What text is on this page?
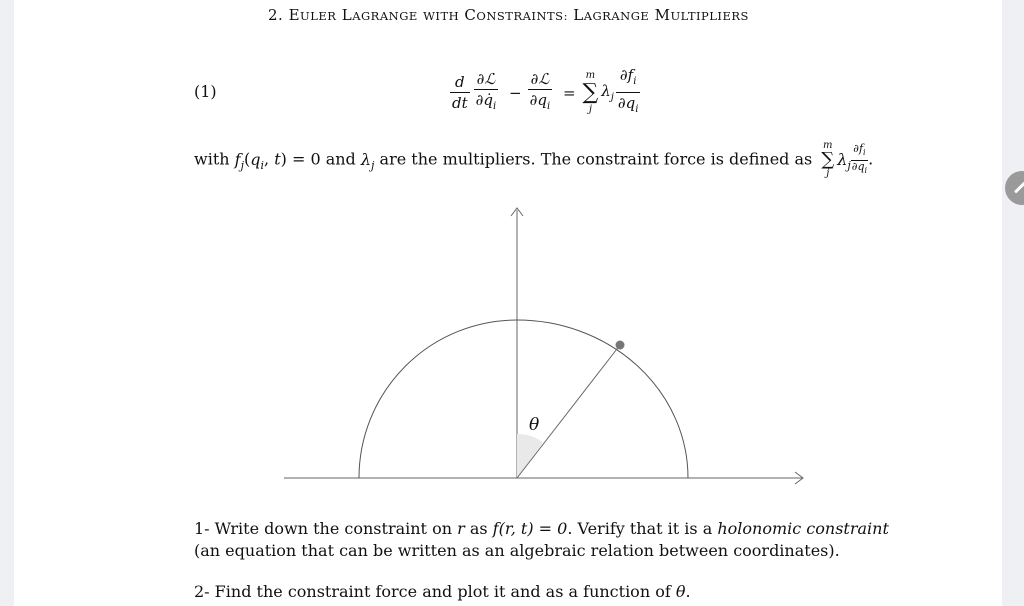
2. EULER LAGRANGE WITH CONSTRAINTS: LAGRANGE MULTIPLIERS
(1)	$\frac{d}{dt} \frac{\text{∂ℒ}}{\partial q̇_i} - \frac{\text{∂ℒ}}{\partial q_i}$ =
m
∑
j
$\lambda_j \frac{\partial f_i}{\partial q_i}$
with $f_j(q_i$, t) = 0 and $\lambda_j$ are the multipliers. The constraint force is defined as
m
∑
j
$\lambda_j \frac{\partial f_i}{\partial q_i}$ .
θ
1- Write down the constraint on r as f(r, t) = 0. Verify that it is a holonomic constraint
(an equation that can be written as an algebraic relation between coordinates).
2- Find the constraint force and plot it and as a function of θ.
